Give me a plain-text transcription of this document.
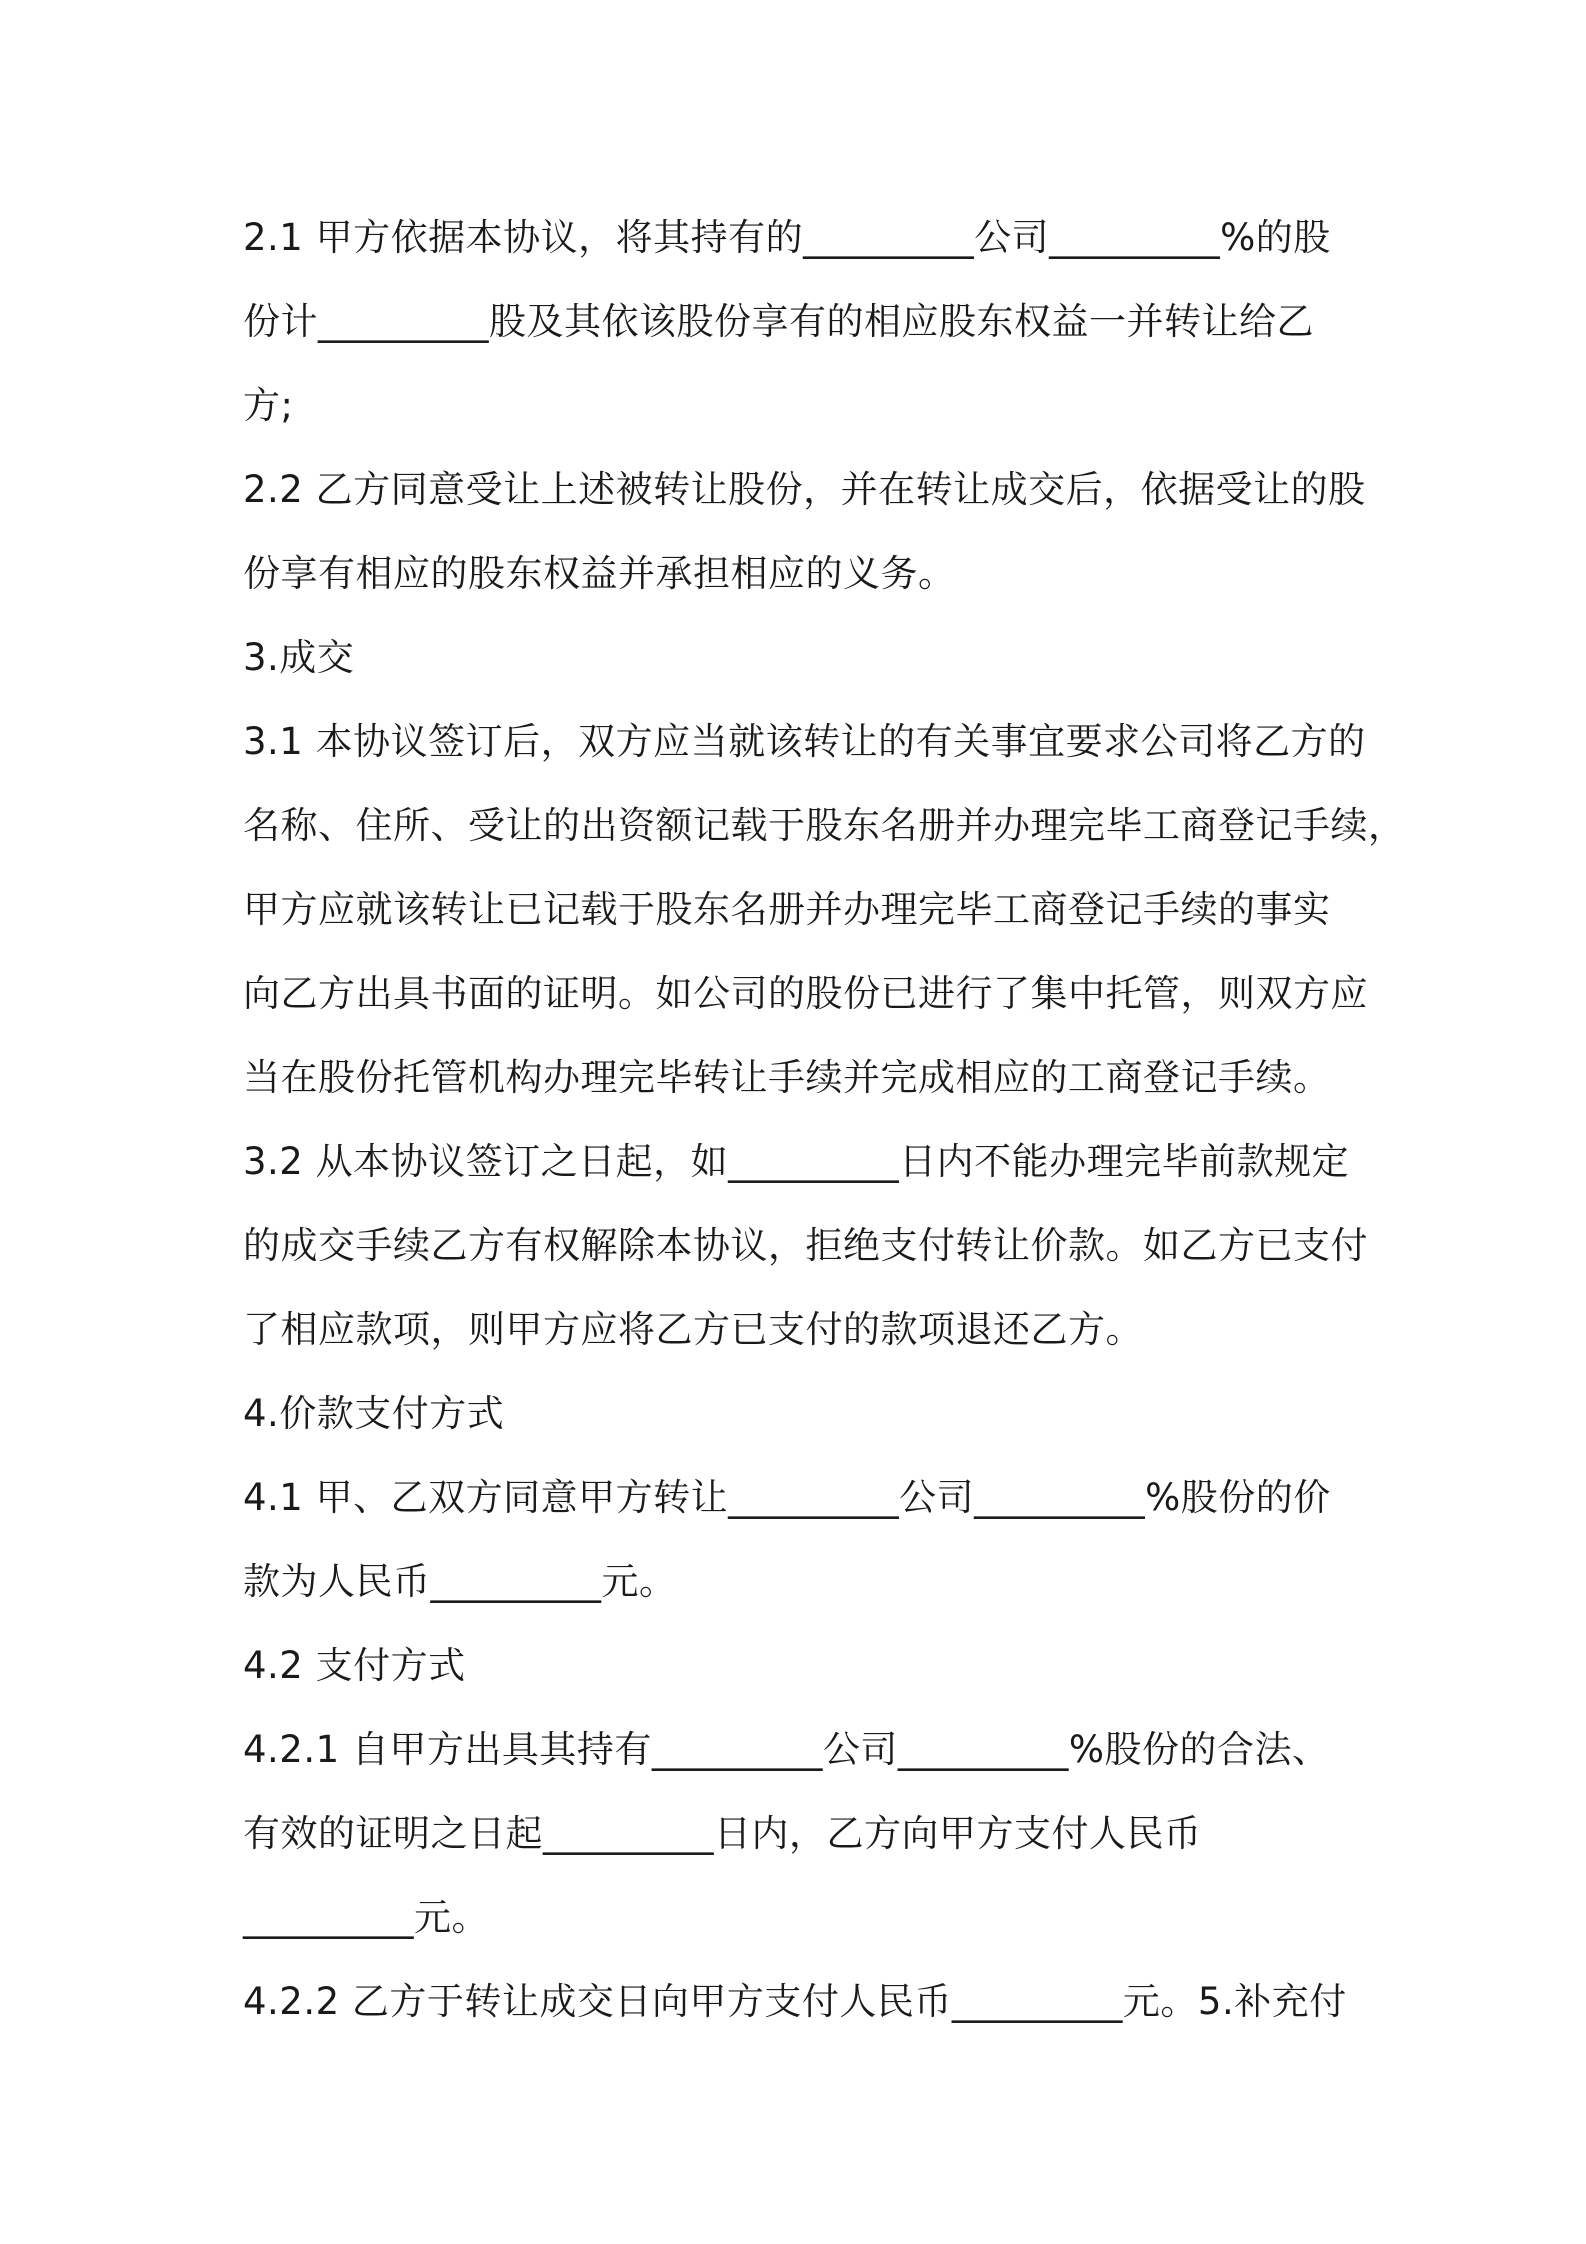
2.1 甲方依据本协议，将其持有的_________公司_________%的股
份计_________股及其依该股份享有的相应股东权益一并转让给乙
方;
2.2 乙方同意受让上述被转让股份，并在转让成交后，依据受让的股
份享有相应的股东权益并承担相应的义务。
3.成交
3.1 本协议签订后，双方应当就该转让的有关事宜要求公司将乙方的
名称、住所、受让的出资额记载于股东名册并办理完毕工商登记手续，
甲方应就该转让已记载于股东名册并办理完毕工商登记手续的事实
向乙方出具书面的证明。如公司的股份已进行了集中托管，则双方应
当在股份托管机构办理完毕转让手续并完成相应的工商登记手续。
3.2 从本协议签订之日起，如_________日内不能办理完毕前款规定
的成交手续乙方有权解除本协议，拒绝支付转让价款。如乙方已支付
了相应款项，则甲方应将乙方已支付的款项退还乙方。
4.价款支付方式
4.1 甲、乙双方同意甲方转让_________公司_________%股份的价
款为人民币_________元。
4.2 支付方式
4.2.1 自甲方出具其持有_________公司_________%股份的合法、
有效的证明之日起_________日内，乙方向甲方支付人民币
_________元。
4.2.2 乙方于转让成交日向甲方支付人民币_________元。5.补充付
